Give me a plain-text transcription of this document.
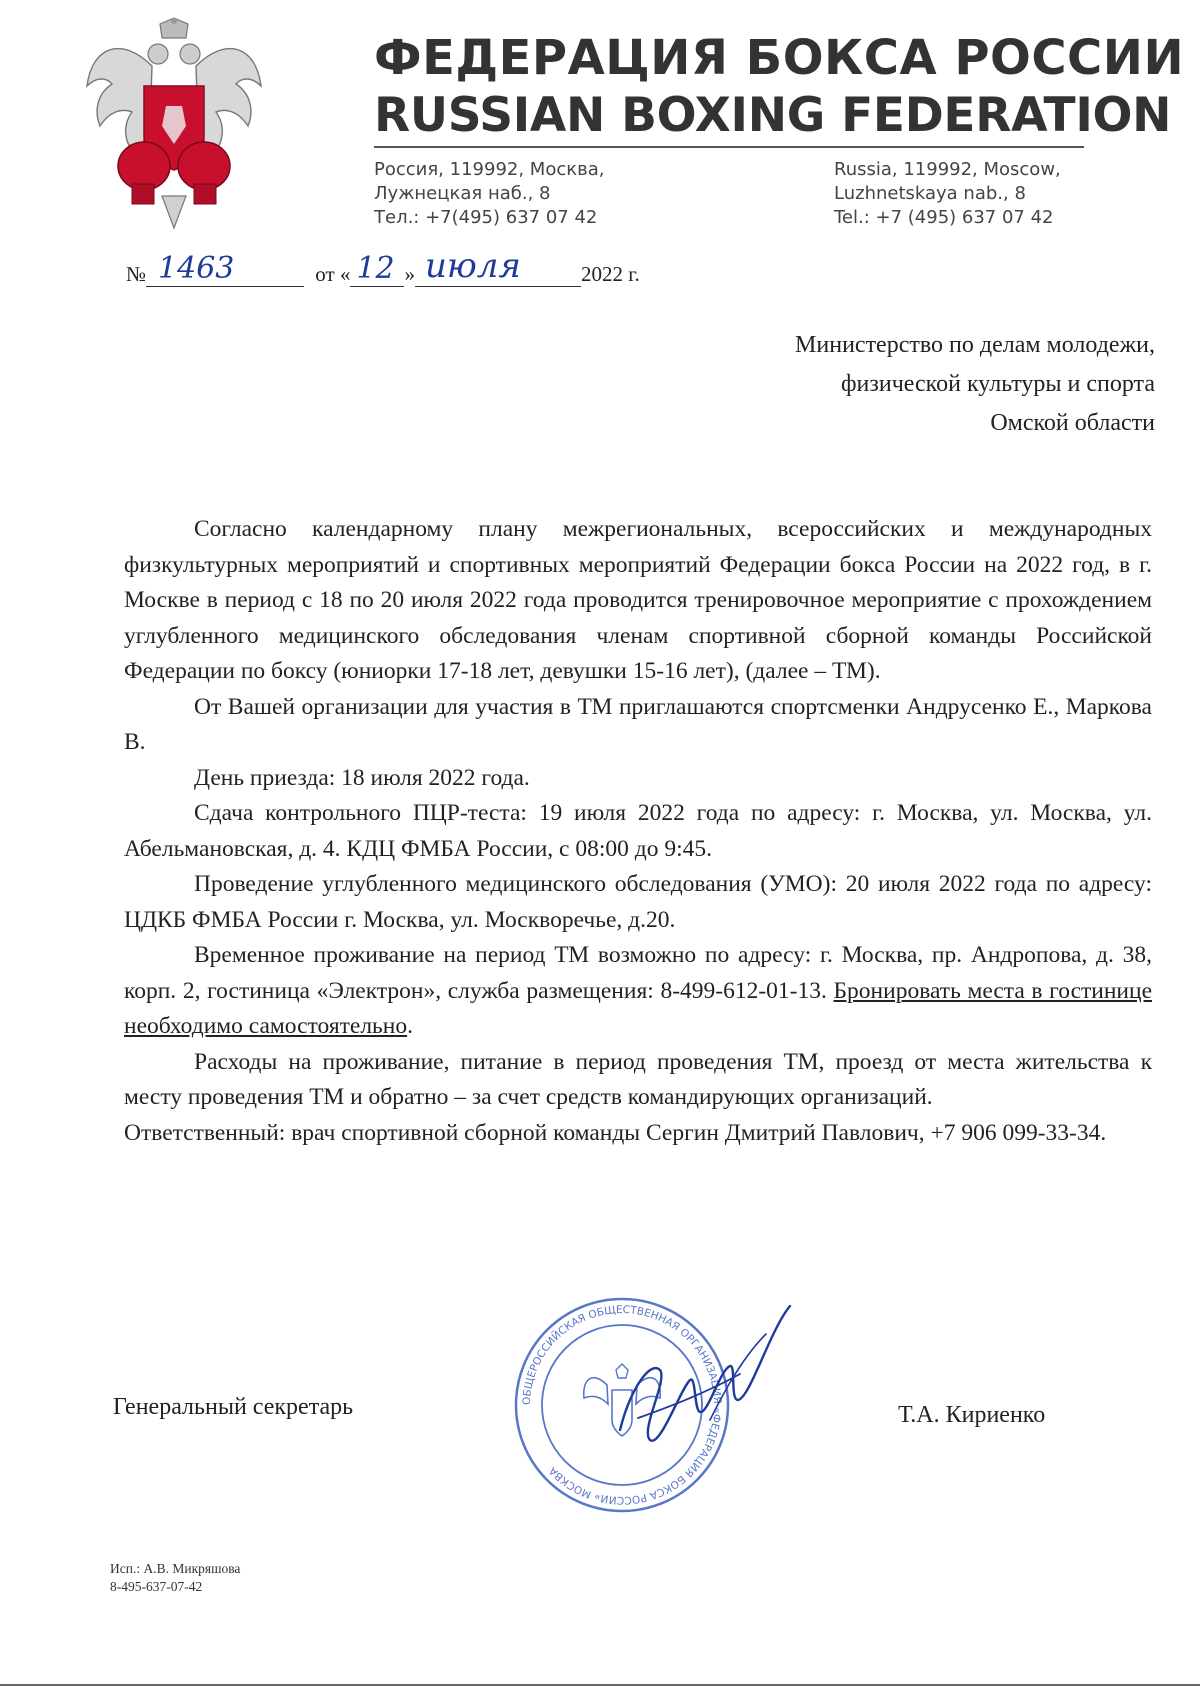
ФЕДЕРАЦИЯ БОКСА РОССИИ
RUSSIAN BOXING FEDERATION
Россия, 119992, Москва,
Лужнецкая наб., 8
Тел.: +7(495) 637 07 42
Russia, 119992, Moscow,
Luzhnetskaya nab., 8
Tel.: +7 (495) 637 07 42
№ 1463	от « 12 » июля	2022 г.
Министерство по делам молодежи,
физической культуры и спорта
Омской области

Согласно календарному плану межрегиональных, всероссийских и международных физкультурных мероприятий и спортивных мероприятий Федерации бокса России на 2022 год, в г. Москве в период с 18 по 20 июля 2022 года проводится тренировочное мероприятие с прохождением углубленного медицинского обследования членам спортивной сборной команды Российской Федерации по боксу (юниорки 17-18 лет, девушки 15-16 лет), (далее – ТМ).

От Вашей организации для участия в ТМ приглашаются спортсменки Андрусенко Е., Маркова В.

День приезда: 18 июля 2022 года.

Сдача контрольного ПЦР-теста: 19 июля 2022 года по адресу: г. Москва, ул. Москва, ул. Абельмановская, д. 4. КДЦ ФМБА России, с 08:00 до 9:45.

Проведение углубленного медицинского обследования (УМО): 20 июля 2022 года по адресу: ЦДКБ ФМБА России г. Москва, ул. Москворечье, д.20.

Временное проживание на период ТМ возможно по адресу: г. Москва, пр. Андропова, д. 38, корп. 2, гостиница «Электрон», служба размещения: 8-499-612-01-13. Бронировать места в гостинице необходимо самостоятельно.

Расходы на проживание, питание в период проведения ТМ, проезд от места жительства к месту проведения ТМ и обратно – за счет средств командирующих организаций.

Ответственный: врач спортивной сборной команды Сергин Дмитрий Павлович, +7 906 099-33-34.

ОБЩЕРОССИЙСКАЯ ОБЩЕСТВЕННАЯ ОРГАНИЗАЦИЯ «ФЕДЕРАЦИЯ БОКСА РОССИИ» МОСКВА
Генеральный секретарь	Т.А. Кириенко
Исп.: А.В. Микряшова
8-495-637-07-42
